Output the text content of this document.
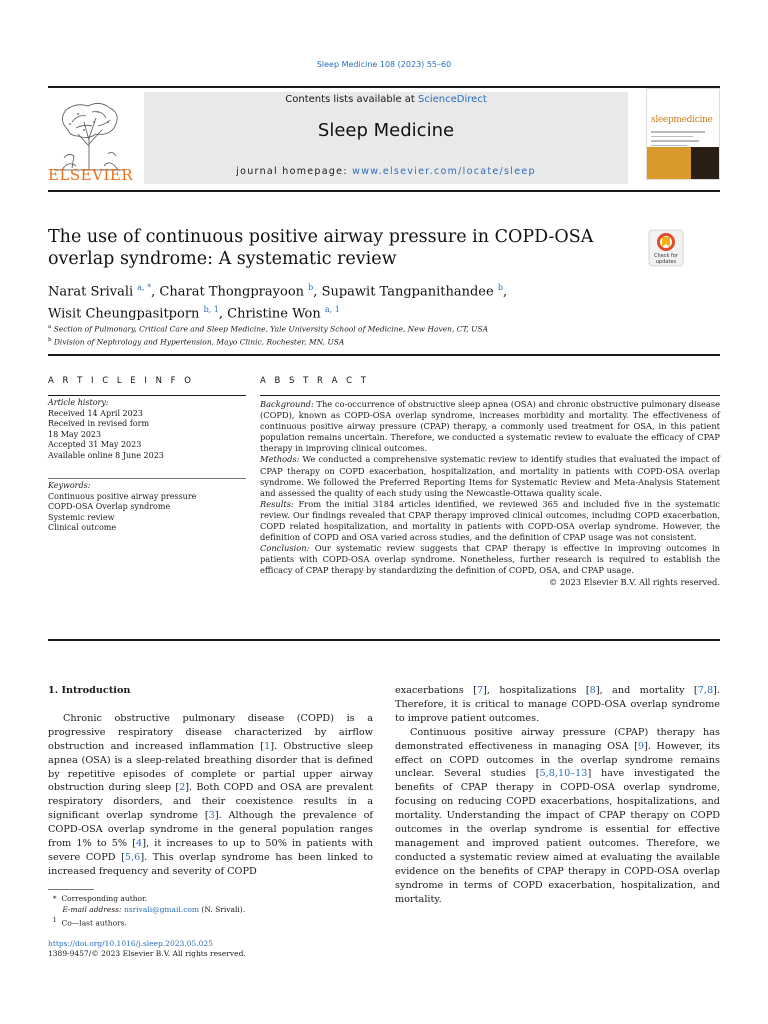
Sleep Medicine 108 (2023) 55–60
ELSEVIER
Contents lists available at ScienceDirect
Sleep Medicine
journal homepage: www.elsevier.com/locate/sleep
sleepmedicine
The use of continuous positive airway pressure in COPD-OSA overlap syndrome: A systematic review	Check for updates
Narat Srivali $^{a, *}$, Charat Thongprayoon $^b$, Supawit Tangpanithandee $^b$,
Wisit Cheungpasitporn $^{b, 1}$, Christine Won $^{a, 1}$
$^a$ Section of Pulmonary, Critical Care and Sleep Medicine, Yale University School of Medicine, New Haven, CT, USA
$^b$ Division of Nephrology and Hypertension, Mayo Clinic, Rochester, MN, USA
A R T I C L E I N F O	A B S T R A C T
Article history:
Received 14 April 2023
Received in revised form
18 May 2023
Accepted 31 May 2023
Available online 8 June 2023
Keywords:
Continuous positive airway pressure
COPD-OSA Overlap syndrome
Systemic review
Clinical outcome

Background: The co-occurrence of obstructive sleep apnea (OSA) and chronic obstructive pulmonary disease (COPD), known as COPD-OSA overlap syndrome, increases morbidity and mortality. The effectiveness of continuous positive airway pressure (CPAP) therapy, a commonly used treatment for OSA, in this patient population remains uncertain. Therefore, we conducted a systematic review to evaluate the efficacy of CPAP therapy in improving clinical outcomes.

Methods: We conducted a comprehensive systematic review to identify studies that evaluated the impact of CPAP therapy on COPD exacerbation, hospitalization, and mortality in patients with COPD-OSA overlap syndrome. We followed the Preferred Reporting Items for Systematic Review and Meta-Analysis Statement and assessed the quality of each study using the Newcastle-Ottawa quality scale.

Results: From the initial 3184 articles identified, we reviewed 365 and included five in the systematic review. Our findings revealed that CPAP therapy improved clinical outcomes, including COPD exacerbation, COPD related hospitalization, and mortality in patients with COPD-OSA overlap syndrome. However, the definition of COPD and OSA varied across studies, and the definition of CPAP usage was not consistent.

Conclusion: Our systematic review suggests that CPAP therapy is effective in improving outcomes in patients with COPD-OSA overlap syndrome. Nonetheless, further research is required to establish the efficacy of CPAP therapy by standardizing the definition of COPD, OSA, and CPAP usage.

© 2023 Elsevier B.V. All rights reserved.

1. Introduction

Chronic obstructive pulmonary disease (COPD) is a progressive respiratory disease characterized by airflow obstruction and increased inflammation [1]. Obstructive sleep apnea (OSA) is a sleep-related breathing disorder that is defined by repetitive episodes of complete or partial upper airway obstruction during sleep [2]. Both COPD and OSA are prevalent respiratory disorders, and their coexistence results in a significant overlap syndrome [3]. Although the prevalence of COPD-OSA overlap syndrome in the general population ranges from 1% to 5% [4], it increases to up to 50% in patients with severe COPD [5,6]. This overlap syndrome has been linked to increased frequency and severity of COPD

exacerbations [7], hospitalizations [8], and mortality [7,8]. Therefore, it is critical to manage COPD-OSA overlap syndrome to improve patient outcomes.

Continuous positive airway pressure (CPAP) therapy has demonstrated effectiveness in managing OSA [9]. However, its effect on COPD outcomes in the overlap syndrome remains unclear. Several studies [5,8,10–13] have investigated the benefits of CPAP therapy in COPD-OSA overlap syndrome, focusing on reducing COPD exacerbations, hospitalizations, and mortality. Understanding the impact of CPAP therapy on COPD outcomes in the overlap syndrome is essential for effective management and improved patient outcomes. Therefore, we conducted a systematic review aimed at evaluating the available evidence on the benefits of CPAP therapy in COPD-OSA overlap syndrome in terms of COPD exacerbation, hospitalization, and mortality.

* Corresponding author.
E-mail address: nsrivali@gmail.com (N. Srivali).
$^1$ Co—last authors.
https://doi.org/10.1016/j.sleep.2023.05.025
1389-9457/© 2023 Elsevier B.V. All rights reserved.
